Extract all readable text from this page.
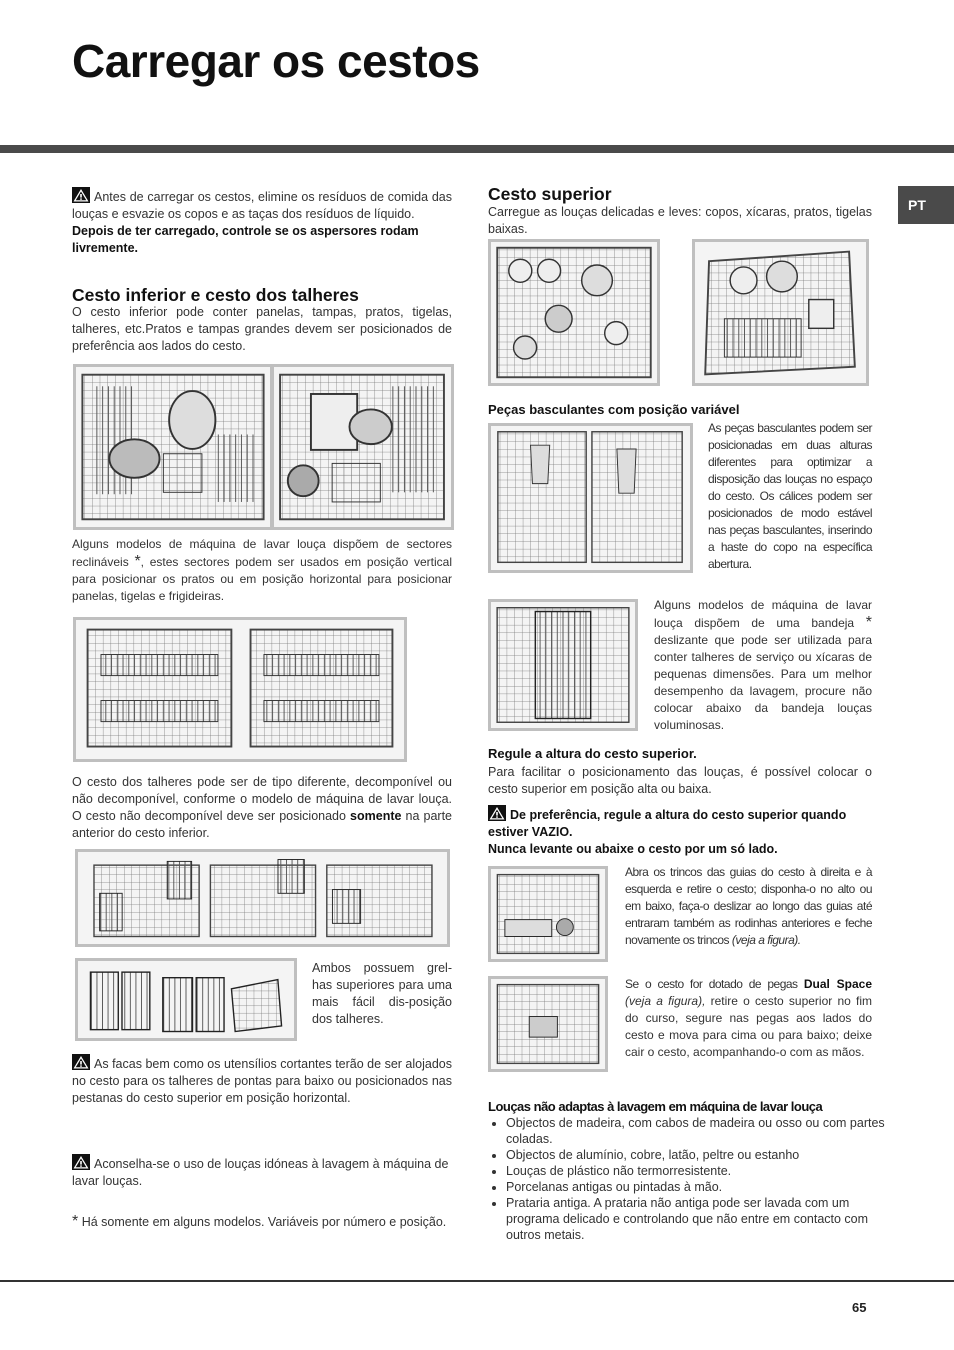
Carregar os cestos
PT

Antes de carregar os cestos, elimine os resíduos de comida das louças e esvazie os copos e as taças dos resíduos de líquido.

Depois de ter carregado, controle se os aspersores rodam livremente.

Cesto inferior e cesto dos talheres

O cesto inferior pode conter panelas, tampas, pratos, tigelas, talheres, etc.Pratos e tampas grandes devem ser posicionados de preferência aos lados do cesto.

Alguns modelos de máquina de lavar louça dispõem de sectores reclináveis *, estes sectores podem ser usados em posição vertical para posicionar os pratos ou em posição horizontal para posicionar panelas, tigelas e frigideiras.

O cesto dos talheres pode ser de tipo diferente, decomponível ou não decomponível, conforme o modelo de máquina de lavar louça. O cesto não decomponível deve ser posicionado somente na parte anterior do cesto inferior.

Ambos possuem grel-has superiores para uma mais fácil dis-posição dos talheres.

As facas bem como os utensílios cortantes terão de ser alojados no cesto para os talheres de pontas para baixo ou posicionados nas pestanas do cesto superior em posição horizontal.

Aconselha-se o uso de louças idóneas à lavagem à máquina de lavar louças.

* Há somente em alguns modelos. Variáveis por número e posição.

Cesto superior

Carregue as louças delicadas e leves: copos, xícaras, pratos, tigelas baixas.

Peças basculantes com posição variável

As peças basculantes podem ser posicionadas em duas alturas diferentes para optimizar a disposição das louças no espaço do cesto. Os cálices podem ser posicionados de modo estável nas peças basculantes, inserindo a haste do copo na específica abertura.

Alguns modelos de máquina de lavar louça dispõem de uma bandeja * deslizante que pode ser utilizada para conter talheres de serviço ou xícaras de pequenas dimensões. Para um melhor desempenho da lavagem, procure não colocar abaixo da bandeja louças voluminosas.

Regule a altura do cesto superior.

Para facilitar o posicionamento das louças, é possível colocar o cesto superior em posição alta ou baixa.

De preferência, regule a altura do cesto superior quando estiver VAZIO.

Nunca levante ou abaixe o cesto por um só lado.

Abra os trincos das guias do cesto à direita e à esquerda e retire o cesto; disponha-o no alto ou em baixo, faça-o deslizar ao longo das guias até entraram também as rodinhas anteriores e feche novamente os trincos (veja a figura).

Se o cesto for dotado de pegas Dual Space (veja a figura), retire o cesto superior no fim do curso, segure nas pegas aos lados do cesto e mova para cima ou para baixo; deixe cair o cesto, acompanhando-o com as mãos.

Louças não adaptas à lavagem em máquina de lavar louça
• Objectos de madeira, com cabos de madeira ou osso ou com partes coladas.
• Objectos de alumínio, cobre, latão, peltre ou estanho
• Louças de plástico não termorresistente.
• Porcelanas antigas ou pintadas à mão.
• Prataria antiga. A prataria não antiga pode ser lavada com um programa delicado e controlando que não entre em contacto com outros metais.
65
